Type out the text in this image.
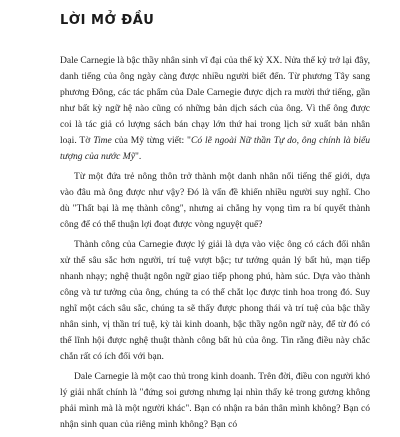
LỜI MỞ ĐẦU

Dale Carnegie là bậc thầy nhân sinh vĩ đại của thế kỷ XX. Nửa thế kỷ trở lại đây, danh tiếng của ông ngày càng được nhiều người biết đến. Từ phương Tây sang phương Đông, các tác phẩm của Dale Carnegie được dịch ra mười thứ tiếng, gần như bất kỳ ngữ hệ nào cũng có những bản dịch sách của ông. Vì thế ông được coi là tác giả có lượng sách bán chạy lớn thứ hai trong lịch sử xuất bản nhân loại. Tờ Time của Mỹ từng viết: "Có lẽ ngoài Nữ thần Tự do, ông chính là biểu tượng của nước Mỹ".

Từ một đứa trẻ nông thôn trở thành một danh nhân nổi tiếng thế giới, dựa vào đâu mà ông được như vậy? Đó là vấn đề khiến nhiều người suy nghĩ. Cho dù "Thất bại là mẹ thành công", nhưng ai chẳng hy vọng tìm ra bí quyết thành công để có thể thuận lợi đoạt được vòng nguyệt quế?

Thành công của Carnegie được lý giải là dựa vào việc ông có cách đối nhân xử thế sâu sắc hơn người, trí tuệ vượt bậc; tư tưởng quản lý bất hủ, mạn tiếp nhanh nhạy; nghệ thuật ngôn ngữ giao tiếp phong phú, hàm súc. Dựa vào thành công và tư tưởng của ông, chúng ta có thể chắt lọc được tinh hoa trong đó. Suy nghĩ một cách sâu sắc, chúng ta sẽ thấy được phong thái và trí tuệ của bậc thầy nhân sinh, vị thần trí tuệ, kỳ tài kinh doanh, bậc thầy ngôn ngữ này, để từ đó có thể lĩnh hội được nghệ thuật thành công bất hủ của ông. Tin rằng điều này chắc chắn rất có ích đối với bạn.

Dale Carnegie là một cao thủ trong kinh doanh. Trên đời, điều con người khó lý giải nhất chính là "đứng soi gương nhưng lại nhìn thấy kẻ trong gương không phải mình mà là một người khác". Bạn có nhận ra bản thân mình không? Bạn có nhận sinh quan của riêng mình không? Bạn có
